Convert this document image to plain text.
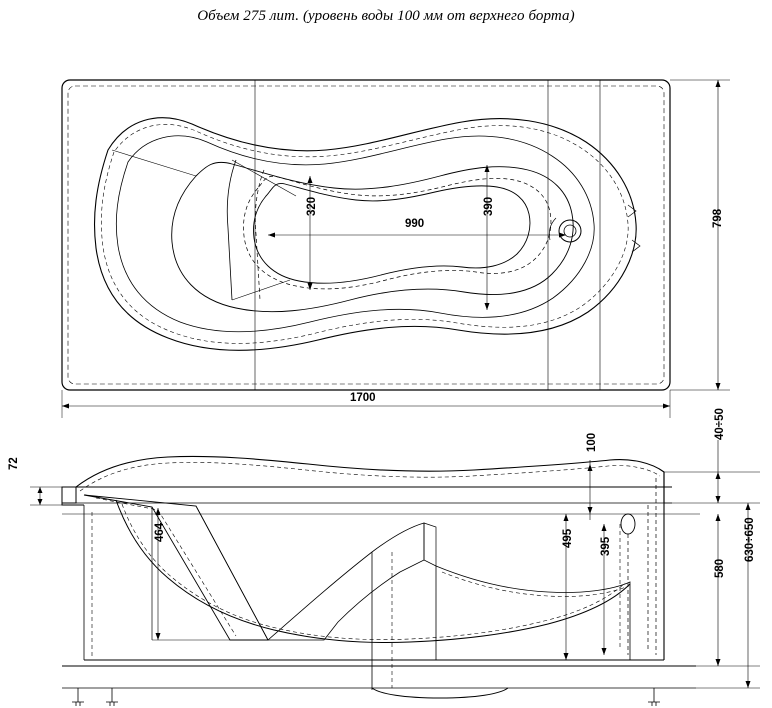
Объем 275 лит. (уровень воды 100 мм от верхнего борта)
320	390
990	798
1700
72
100
40÷50
464	495 395
580
630÷650
